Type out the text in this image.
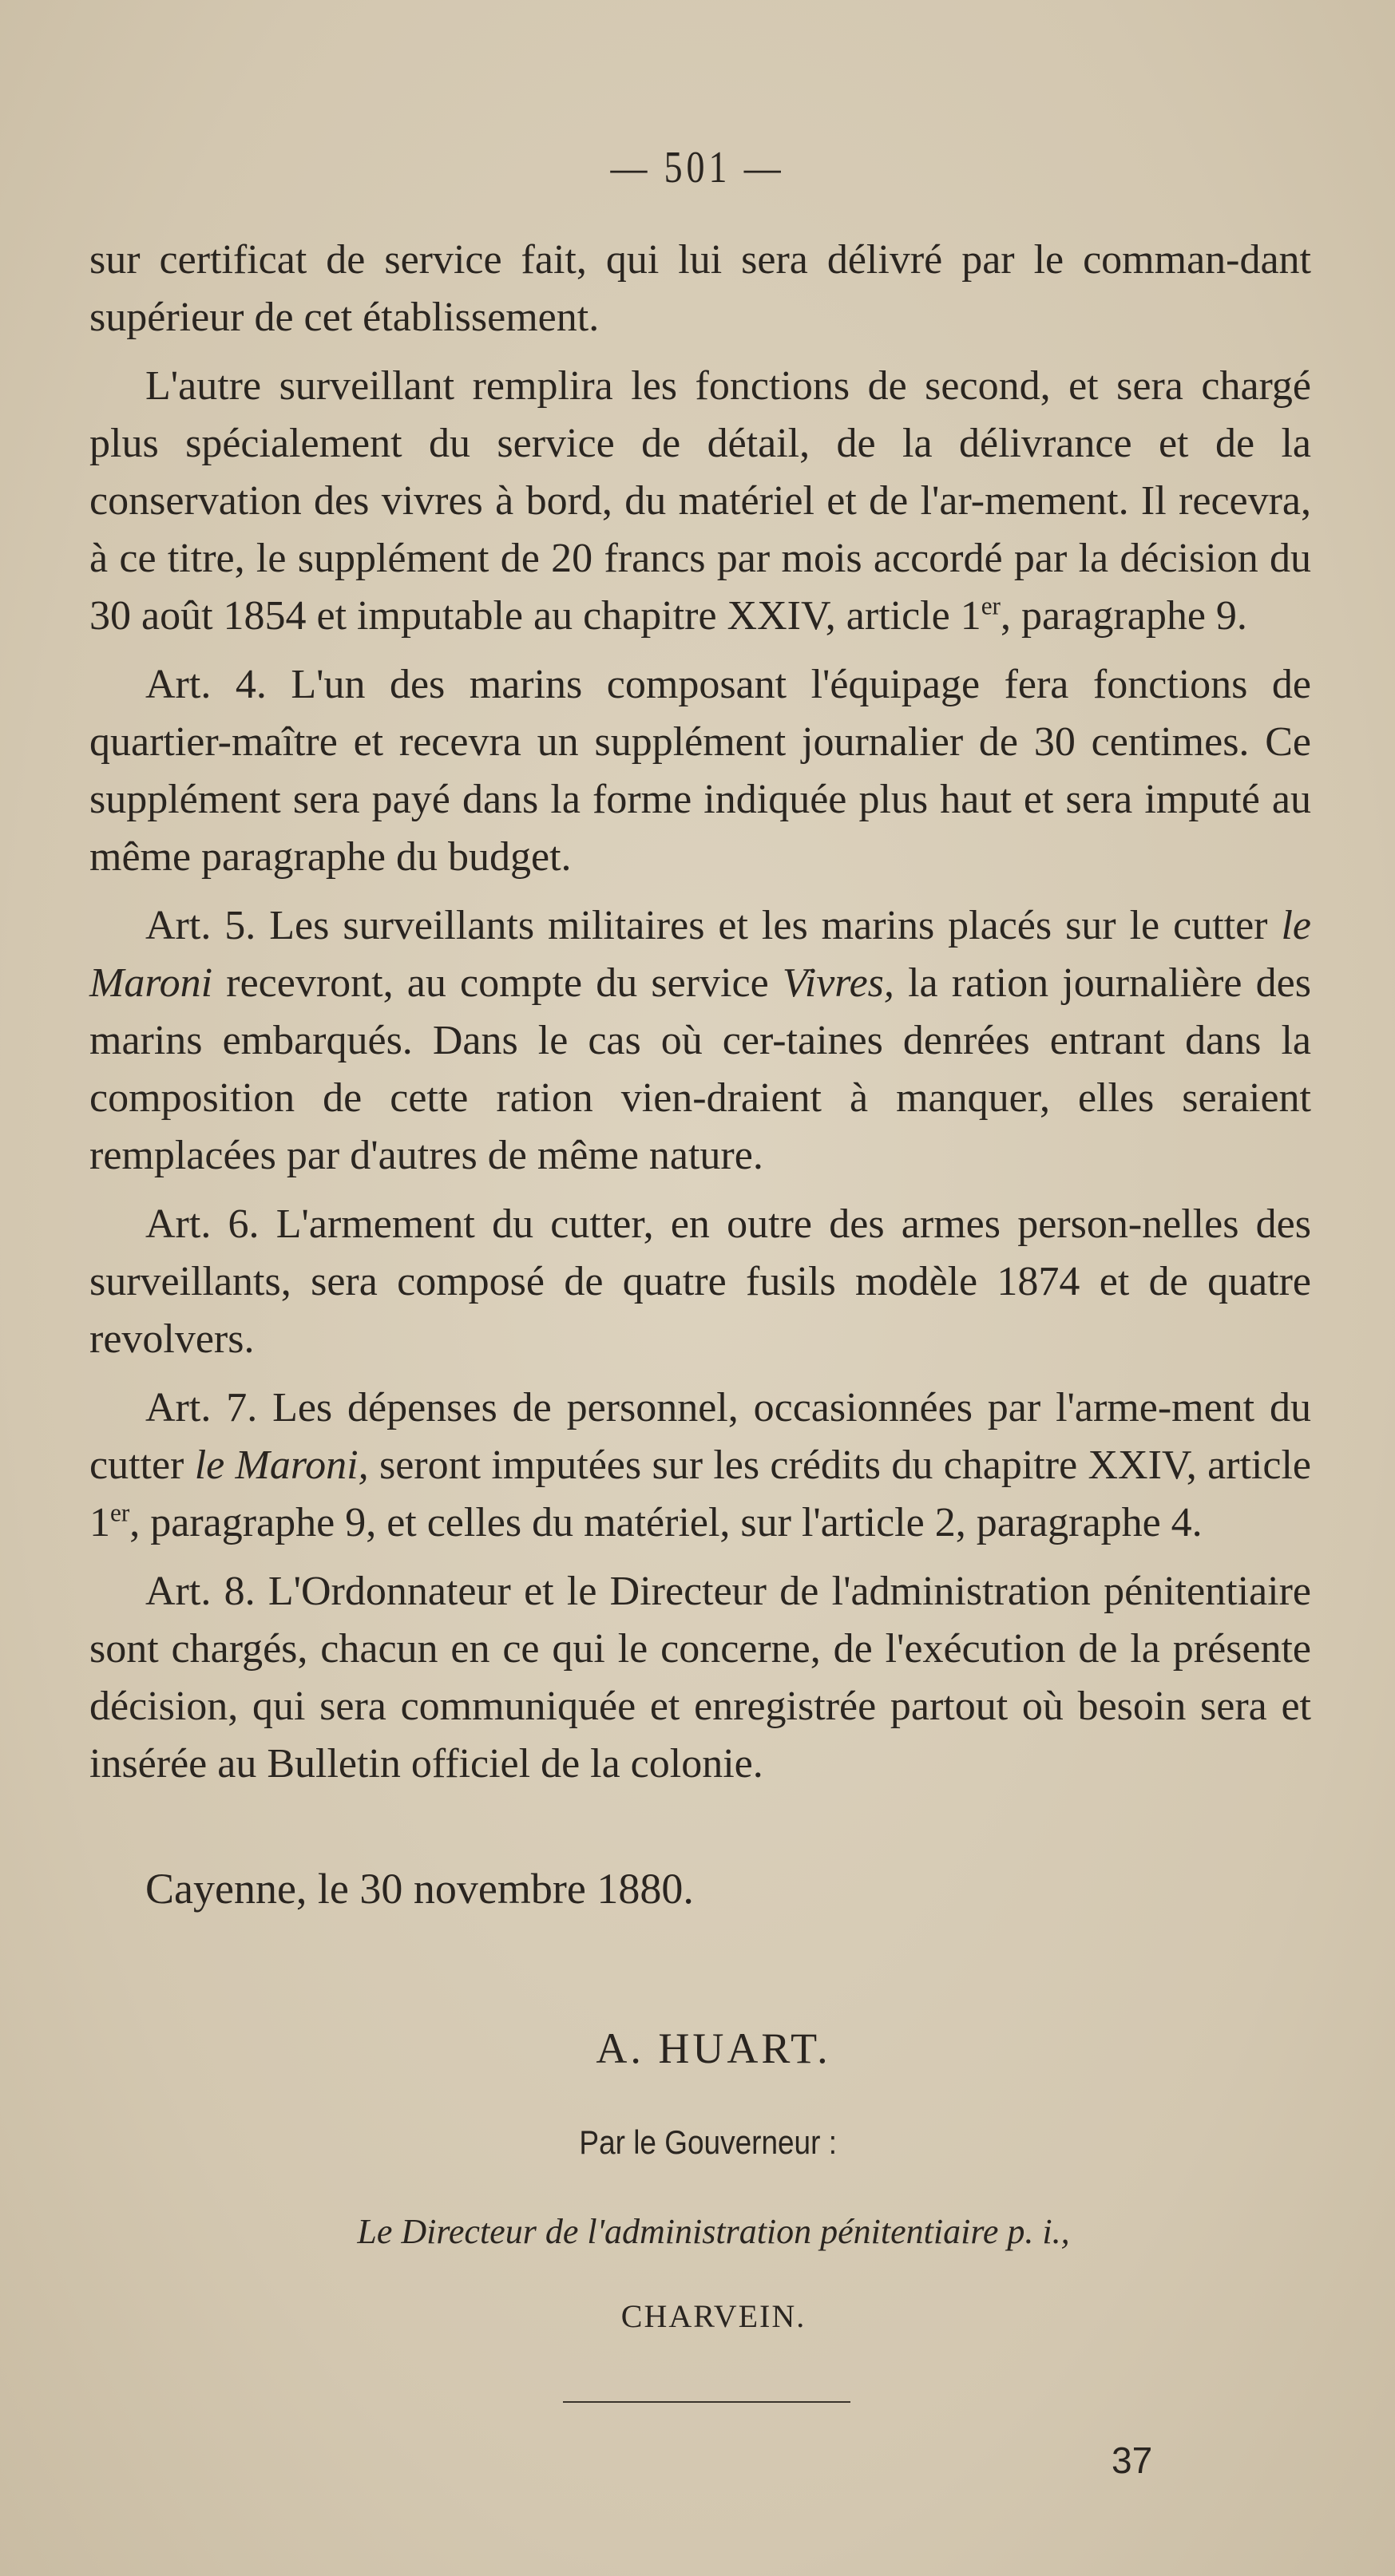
— 501 —

sur certificat de service fait, qui lui sera délivré par le comman-dant supérieur de cet établissement.

L'autre surveillant remplira les fonctions de second, et sera chargé plus spécialement du service de détail, de la délivrance et de la conservation des vivres à bord, du matériel et de l'ar-mement. Il recevra, à ce titre, le supplément de 20 francs par mois accordé par la décision du 30 août 1854 et imputable au chapitre XXIV, article 1er, paragraphe 9.

Art. 4. L'un des marins composant l'équipage fera fonctions de quartier-maître et recevra un supplément journalier de 30 centimes. Ce supplément sera payé dans la forme indiquée plus haut et sera imputé au même paragraphe du budget.

Art. 5. Les surveillants militaires et les marins placés sur le cutter le Maroni recevront, au compte du service Vivres, la ration journalière des marins embarqués. Dans le cas où cer-taines denrées entrant dans la composition de cette ration vien-draient à manquer, elles seraient remplacées par d'autres de même nature.

Art. 6. L'armement du cutter, en outre des armes person-nelles des surveillants, sera composé de quatre fusils modèle 1874 et de quatre revolvers.

Art. 7. Les dépenses de personnel, occasionnées par l'arme-ment du cutter le Maroni, seront imputées sur les crédits du chapitre XXIV, article 1er, paragraphe 9, et celles du matériel, sur l'article 2, paragraphe 4.

Art. 8. L'Ordonnateur et le Directeur de l'administration pénitentiaire sont chargés, chacun en ce qui le concerne, de l'exécution de la présente décision, qui sera communiquée et enregistrée partout où besoin sera et insérée au Bulletin officiel de la colonie.

Cayenne, le 30 novembre 1880.
A. HUART.
Par le Gouverneur :
Le Directeur de l'administration pénitentiaire p. i.,
CHARVEIN.
37
